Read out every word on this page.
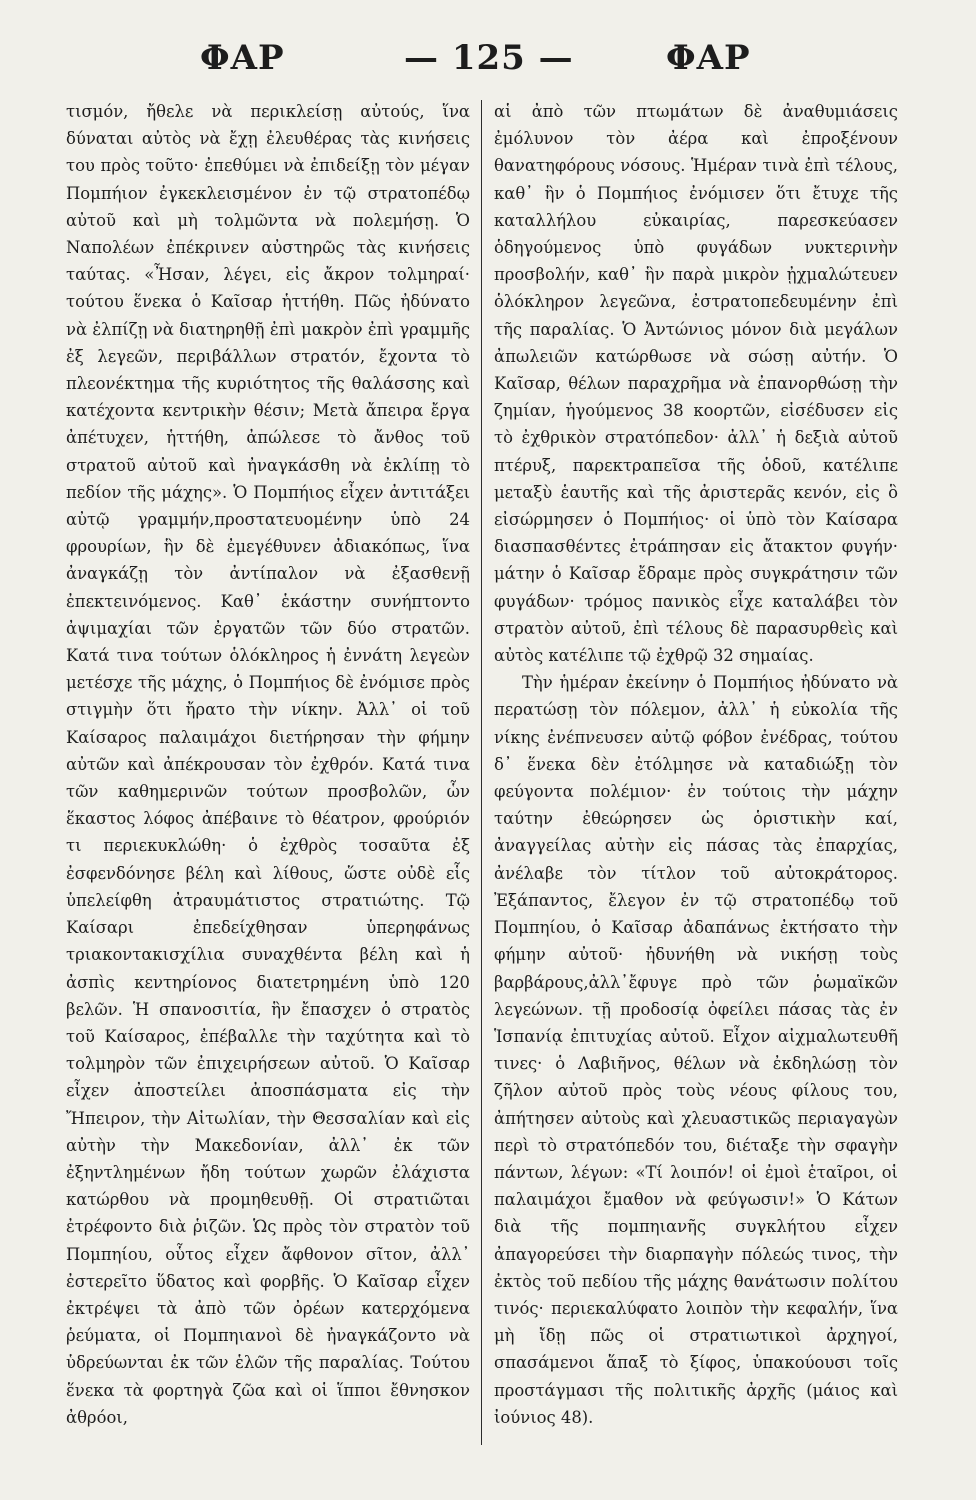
ΦΑΡ	— 125 —	ΦΑΡ

τισμόν, ἤθελε νὰ περικλείσῃ αὐτούς, ἵνα δύναται αὐτὸς νὰ ἔχῃ ἐλευθέρας τὰς κινήσεις του πρὸς τοῦτο· ἐπεθύμει νὰ ἐπιδείξῃ τὸν μέγαν Πομπήιον ἐγκεκλεισμένον ἐν τῷ στρατοπέδῳ αὐτοῦ καὶ μὴ τολμῶντα νὰ πολεμήσῃ. Ὁ Ναπολέων ἐπέκρινεν αὐστηρῶς τὰς κινήσεις ταύτας. «Ἦσαν, λέγει, εἰς ἄκρον τολμηραί· τούτου ἕνεκα ὁ Καῖσαρ ἡττήθη. Πῶς ἠδύνατο νὰ ἐλπίζῃ νὰ διατηρηθῇ ἐπὶ μακρὸν ἐπὶ γραμμῆς ἐξ λεγεῶν, περιβάλλων στρατόν, ἔχοντα τὸ πλεονέκτημα τῆς κυριότητος τῆς θαλάσσης καὶ κατέχοντα κεντρικὴν θέσιν; Μετὰ ἄπειρα ἔργα ἀπέτυχεν, ἡττήθη, ἀπώλεσε τὸ ἄνθος τοῦ στρατοῦ αὐτοῦ καὶ ἠναγκάσθη νὰ ἐκλίπῃ τὸ πεδίον τῆς μάχης». Ὁ Πομπήιος εἶχεν ἀντιτάξει αὐτῷ γραμμήν,προστατευομένην ὑπὸ 24 φρουρίων, ἣν δὲ ἐμεγέθυνεν ἀδιακόπως, ἵνα ἀναγκάζῃ τὸν ἀντίπαλον νὰ ἐξασθενῇ ἐπεκτεινόμενος. Καθ᾽ ἑκάστην συνήπτοντο ἀψιμαχίαι τῶν ἐργατῶν τῶν δύο στρατῶν. Κατά τινα τούτων ὁλόκληρος ἡ ἐννάτη λεγεὼν μετέσχε τῆς μάχης, ὁ Πομπήιος δὲ ἐνόμισε πρὸς στιγμὴν ὅτι ἤρατο τὴν νίκην. Ἀλλ᾽ οἱ τοῦ Καίσαρος παλαιμάχοι διετήρησαν τὴν φήμην αὐτῶν καὶ ἀπέκρουσαν τὸν ἐχθρόν. Κατά τινα τῶν καθημερινῶν τούτων προσβολῶν, ὧν ἕκαστος λόφος ἀπέβαινε τὸ θέατρον, φρούριόν τι περιεκυκλώθη· ὁ ἐχθρὸς τοσαῦτα ἐξ ἐσφενδόνησε βέλη καὶ λίθους, ὥστε οὐδὲ εἷς ὑπελείφθη ἀτραυμάτιστος στρατιώτης. Τῷ Καίσαρι ἐπεδείχθησαν ὑπερηφάνως τριακοντακισχίλια συναχθέντα βέλη καὶ ἡ ἀσπὶς κεντηρίονος διατετρημένη ὑπὸ 120 βελῶν. Ἡ σπανοσιτία, ἣν ἔπασχεν ὁ στρατὸς τοῦ Καίσαρος, ἐπέβαλλε τὴν ταχύτητα καὶ τὸ τολμηρὸν τῶν ἐπιχειρήσεων αὐτοῦ. Ὁ Καῖσαρ εἶχεν ἀποστείλει ἀποσπάσματα εἰς τὴν Ἤπειρον, τὴν Αἰτωλίαν, τὴν Θεσσαλίαν καὶ εἰς αὐτὴν τὴν Μακεδονίαν, ἀλλ᾽ ἐκ τῶν ἐξηντλημένων ἤδη τούτων χωρῶν ἐλάχιστα κατώρθου νὰ προμηθευθῇ. Οἱ στρατιῶται ἐτρέφοντο διὰ ῥιζῶν. Ὡς πρὸς τὸν στρατὸν τοῦ Πομπηίου, οὗτος εἶχεν ἄφθονον σῖτον, ἀλλ᾽ ἐστερεῖτο ὕδατος καὶ φορβῆς. Ὁ Καῖσαρ εἶχεν ἐκτρέψει τὰ ἀπὸ τῶν ὀρέων κατερχόμενα ῥεύματα, οἱ Πομπηιανοὶ δὲ ἠναγκάζοντο νὰ ὑδρεύωνται ἐκ τῶν ἑλῶν τῆς παραλίας. Τούτου ἕνεκα τὰ φορτηγὰ ζῶα καὶ οἱ ἵπποι ἔθνησκον ἀθρόοι,

αἱ ἀπὸ τῶν πτωμάτων δὲ ἀναθυμιάσεις ἐμόλυνον τὸν ἀέρα καὶ ἐπροξένουν θανατηφόρους νόσους. Ἡμέραν τινὰ ἐπὶ τέλους, καθ᾽ ἣν ὁ Πομπήιος ἐνόμισεν ὅτι ἔτυχε τῆς καταλλήλου εὐκαιρίας, παρεσκεύασεν ὁδηγούμενος ὑπὸ φυγάδων νυκτερινὴν προσβολήν, καθ᾽ ἣν παρὰ μικρὸν ᾐχμαλώτευεν ὁλόκληρον λεγεῶνα, ἐστρατοπεδευμένην ἐπὶ τῆς παραλίας. Ὁ Ἀντώνιος μόνον διὰ μεγάλων ἀπωλειῶν κατώρθωσε νὰ σώσῃ αὐτήν. Ὁ Καῖσαρ, θέλων παραχρῆμα νὰ ἐπανορθώσῃ τὴν ζημίαν, ἡγούμενος 38 κοορτῶν, εἰσέδυσεν εἰς τὸ ἐχθρικὸν στρατόπεδον· ἀλλ᾽ ἡ δεξιὰ αὐτοῦ πτέρυξ, παρεκτραπεῖσα τῆς ὁδοῦ, κατέλιπε μεταξὺ ἑαυτῆς καὶ τῆς ἀριστερᾶς κενόν, εἰς ὃ εἰσώρμησεν ὁ Πομπήιος· οἱ ὑπὸ τὸν Καίσαρα διασπασθέντες ἐτράπησαν εἰς ἄτακτον φυγήν· μάτην ὁ Καῖσαρ ἔδραμε πρὸς συγκράτησιν τῶν φυγάδων· τρόμος πανικὸς εἶχε καταλάβει τὸν στρατὸν αὐτοῦ, ἐπὶ τέλους δὲ παρασυρθεὶς καὶ αὐτὸς κατέλιπε τῷ ἐχθρῷ 32 σημαίας.

Τὴν ἡμέραν ἐκείνην ὁ Πομπήιος ἠδύνατο νὰ περατώσῃ τὸν πόλεμον, ἀλλ᾽ ἡ εὐκολία τῆς νίκης ἐνέπνευσεν αὐτῷ φόβον ἐνέδρας, τούτου δ᾽ ἕνεκα δὲν ἐτόλμησε νὰ καταδιώξῃ τὸν φεύγοντα πολέμιον· ἐν τούτοις τὴν μάχην ταύτην ἐθεώρησεν ὡς ὁριστικὴν καί, ἀναγγείλας αὐτὴν εἰς πάσας τὰς ἐπαρχίας, ἀνέλαβε τὸν τίτλον τοῦ αὐτοκράτορος. Ἐξάπαντος, ἔλεγον ἐν τῷ στρατοπέδῳ τοῦ Πομπηίου, ὁ Καῖσαρ ἀδαπάνως ἐκτήσατο τὴν φήμην αὐτοῦ· ἠδυνήθη νὰ νικήσῃ τοὺς βαρβάρους,ἀλλ᾽ἔφυγε πρὸ τῶν ῥωμαϊκῶν λεγεώνων. τῇ προδοσίᾳ ὀφείλει πάσας τὰς ἐν Ἱσπανίᾳ ἐπιτυχίας αὐτοῦ. Εἶχον αἰχμαλωτευθῆ τινες· ὁ Λαβιῆνος, θέλων νὰ ἐκδηλώσῃ τὸν ζῆλον αὐτοῦ πρὸς τοὺς νέους φίλους του, ἀπήτησεν αὐτοὺς καὶ χλευαστικῶς περιαγαγὼν περὶ τὸ στρατόπεδόν του, διέταξε τὴν σφαγὴν πάντων, λέγων: «Τί λοιπόν! οἱ ἐμοὶ ἑταῖροι, οἱ παλαιμάχοι ἔμαθον νὰ φεύγωσιν!» Ὁ Κάτων διὰ τῆς πομπηιανῆς συγκλήτου εἶχεν ἀπαγορεύσει τὴν διαρπαγὴν πόλεώς τινος, τὴν ἐκτὸς τοῦ πεδίου τῆς μάχης θανάτωσιν πολίτου τινός· περιεκαλύφατο λοιπὸν τὴν κεφαλήν, ἵνα μὴ ἴδῃ πῶς οἱ στρατιωτικοὶ ἀρχηγοί, σπασάμενοι ἅπαξ τὸ ξίφος, ὑπακούουσι τοῖς προστάγμασι τῆς πολιτικῆς ἀρχῆς (μάιος καὶ ἰούνιος 48).
